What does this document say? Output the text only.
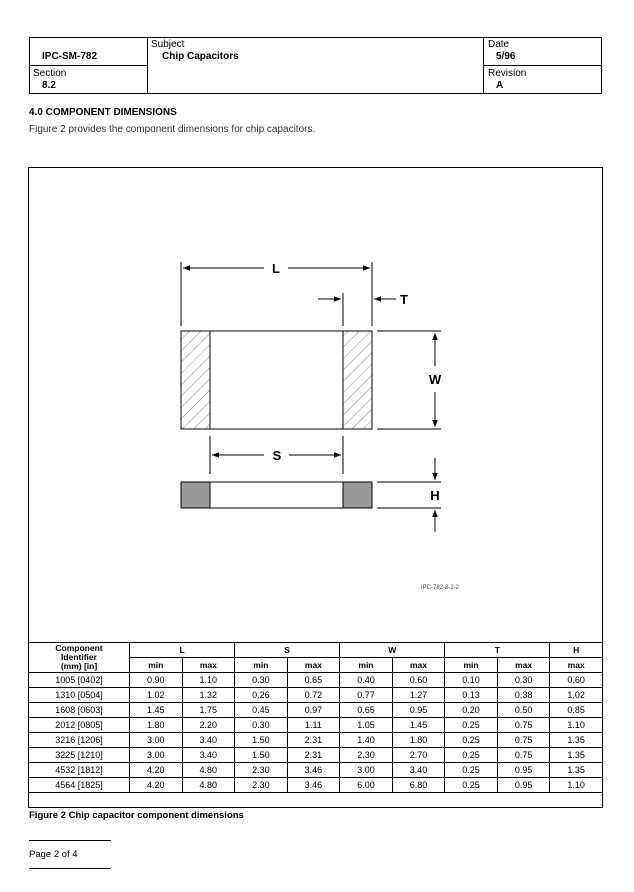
IPC-SM-782
Subject
Chip Capacitors
Date
5/96
Section
8.2
Revision
A
4.0 COMPONENT DIMENSIONS
Figure 2 provides the component dimensions for chip capacitors.
L
T
W
S
H
IPC-782-8-2-2
Component
Identifier
(mm) [in]	L		S		W		T		H
	min	max	min	max	min	max	min	max	max
1005 [0402]	0.90	1.10	0.30	0.65	0.40	0.60	0.10	0.30	0.60
1310 [0504]	1.02	1.32	0.26	0.72	0.77	1.27	0.13	0.38	1.02
1608 [0603]	1.45	1.75	0.45	0.97	0.65	0.95	0.20	0.50	0.85
2012 [0805]	1.80	2.20	0.30	1.11	1.05	1.45	0.25	0.75	1.10
3216 [1206]	3.00	3.40	1.50	2.31	1.40	1.80	0.25	0.75	1.35
3225 [1210]	3.00	3.40	1.50	2.31	2.30	2.70	0.25	0.75	1.35
4532 [1812]	4.20	4.80	2.30	3.46	3.00	3.40	0.25	0.95	1.35
4564 [1825]	4.20	4.80	2.30	3.46	6.00	6.80	0.25	0.95	1.10
Figure 2 Chip capacitor component dimensions
Page 2 of 4
